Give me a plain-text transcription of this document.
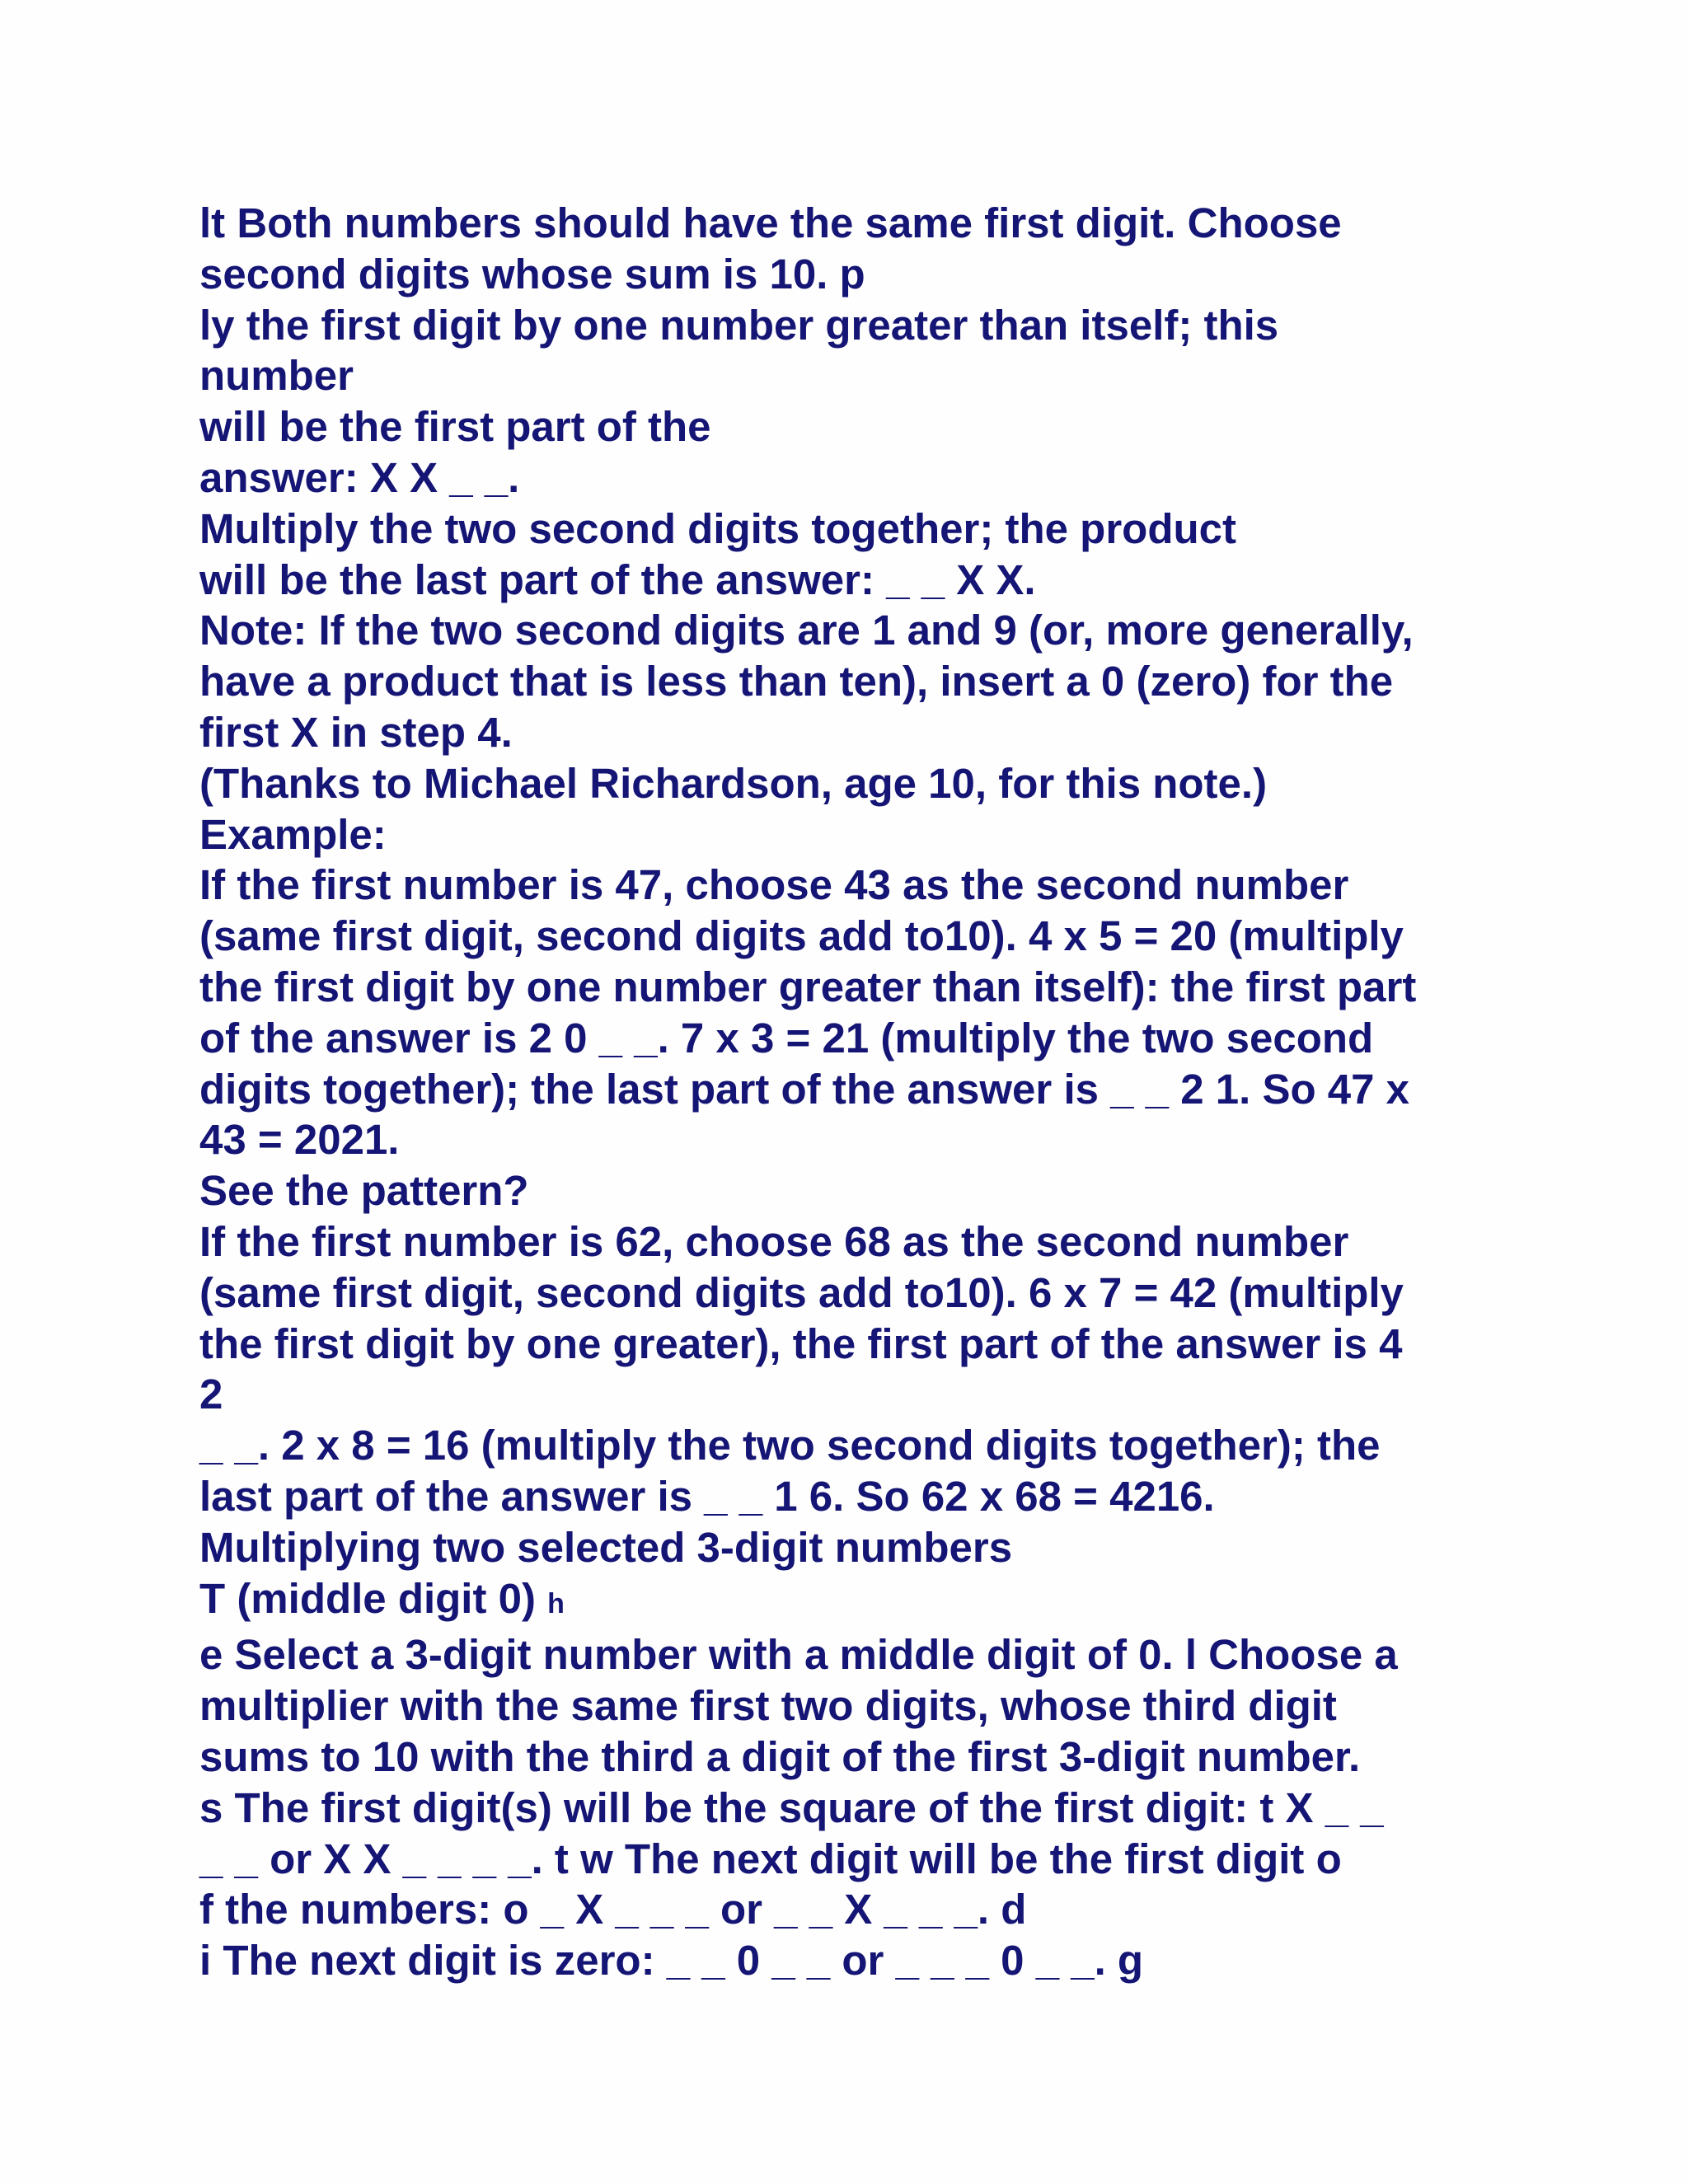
lt Both numbers should have the same first digit. Choose
second digits whose sum is 10. p
ly the first digit by one number greater than itself; this
number
will be the first part of the
answer: X X _ _.
Multiply the two second digits together; the product
will be the last part of the answer: _ _ X X.
Note: If the two second digits are 1 and 9 (or, more generally,
have a product that is less than ten), insert a 0 (zero) for the
first X in step 4.
(Thanks to Michael Richardson, age 10, for this note.)
Example:
If the first number is 47, choose 43 as the second number
(same first digit, second digits add to10). 4 x 5 = 20 (multiply
the first digit by one number greater than itself): the first part
of the answer is 2 0 _ _. 7 x 3 = 21 (multiply the two second
digits together); the last part of the answer is _ _ 2 1. So 47 x
43 = 2021.
See the pattern?
If the first number is 62, choose 68 as the second number
(same first digit, second digits add to10). 6 x 7 = 42 (multiply
the first digit by one greater), the first part of the answer is 4
2
_ _. 2 x 8 = 16 (multiply the two second digits together); the
last part of the answer is _ _ 1 6. So 62 x 68 = 4216.
Multiplying two selected 3-digit numbers
T (middle digit 0) h
e Select a 3-digit number with a middle digit of 0. l Choose a
multiplier with the same first two digits, whose third digit
sums to 10 with the third a digit of the first 3-digit number.
s The first digit(s) will be the square of the first digit: t X _ _
_ _ or X X _ _ _ _. t w The next digit will be the first digit o
f the numbers: o _ X _ _ _ or _ _ X _ _ _. d
i The next digit is zero: _ _ 0 _ _ or _ _ _ 0 _ _. g
